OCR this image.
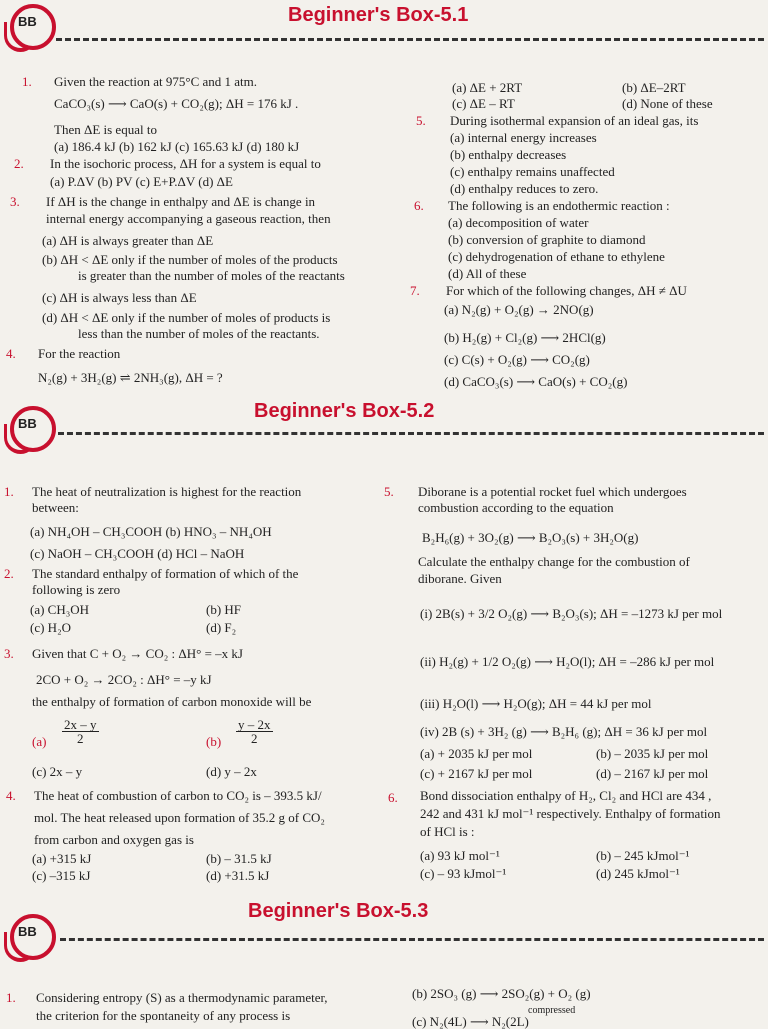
BB	Beginner's Box-5.1
1. Given the reaction at 975°C and 1 atm.
CaCO₃(s) ⟶ CaO(s) + CO₂(g); ΔH = 176 kJ .
Then ΔE is equal to
(a) 186.4 kJ (b) 162 kJ (c) 165.63 kJ (d) 180 kJ
2. In the isochoric process, ΔH for a system is equal to
(a) P.ΔV (b) PV (c) E+P.ΔV (d) ΔE
3. If ΔH is the change in enthalpy and ΔE is change in
internal energy accompanying a gaseous reaction, then
(a) ΔH is always greater than ΔE
(b) ΔH < ΔE only if the number of moles of the products
is greater than the number of moles of the reactants
(c) ΔH is always less than ΔE
(d) ΔH < ΔE only if the number of moles of products is
less than the number of moles of the reactants.
4. For the reaction
N₂(g) + 3H₂(g) ⇌ 2NH₃(g), ΔH = ?
(a) ΔE + 2RT	(b) ΔE–2RT
(c) ΔE – RT	(d) None of these
5. During isothermal expansion of an ideal gas, its
(a) internal energy increases
(b) enthalpy decreases
(c) enthalpy remains unaffected
(d) enthalpy reduces to zero.
6. The following is an endothermic reaction :
(a) decomposition of water
(b) conversion of graphite to diamond
(c) dehydrogenation of ethane to ethylene
(d) All of these
7. For which of the following changes, ΔH ≠ ΔU
(a) N₂(g) + O₂(g) → 2NO(g)
(b) H₂(g) + Cl₂(g) ⟶ 2HCl(g)
(c) C(s) + O₂(g) ⟶ CO₂(g)
(d) CaCO₃(s) ⟶ CaO(s) + CO₂(g)
BB
Beginner's Box-5.2
1. The heat of neutralization is highest for the reaction
between:
(a) NH₄OH – CH₃COOH (b) HNO₃ – NH₄OH
(c) NaOH – CH₃COOH (d) HCl – NaOH
2. The standard enthalpy of formation of which of the
following is zero
(a) CH₃OH	(b) HF
(c) H₂O	(d) F₂
3. Given that C + O₂ → CO₂ : ΔH° = –x kJ
2CO + O₂ → 2CO₂ : ΔH° = –y kJ
the enthalpy of formation of carbon monoxide will be
$(a) \frac{2x - y}{2}$	$(b) \frac{y - 2x}{2}$
(c) 2x – y	(d) y – 2x
4. The heat of combustion of carbon to CO₂ is – 393.5 kJ/
mol. The heat released upon formation of 35.2 g of CO₂
from carbon and oxygen gas is
(a) +315 kJ	(b) – 31.5 kJ
(c) –315 kJ	(d) +31.5 kJ
5. Diborane is a potential rocket fuel which undergoes
combustion according to the equation
B₂H₆(g) + 3O₂(g) ⟶ B₂O₃(s) + 3H₂O(g)
Calculate the enthalpy change for the combustion of
diborane. Given
(i) 2B(s) + 3/2 O₂(g) ⟶ B₂O₃(s); ΔH = –1273 kJ per mol
(ii) H₂(g) + 1/2 O₂(g) ⟶ H₂O(l); ΔH = –286 kJ per mol
(iii) H₂O(l) ⟶ H₂O(g); ΔH = 44 kJ per mol
(iv) 2B (s) + 3H₂ (g) ⟶ B₂H₆ (g); ΔH = 36 kJ per mol
(a) + 2035 kJ per mol	(b) – 2035 kJ per mol
(c) + 2167 kJ per mol	(d) – 2167 kJ per mol
6. Bond dissociation enthalpy of H₂, Cl₂ and HCl are 434 ,
242 and 431 kJ mol⁻¹ respectively. Enthalpy of formation
of HCl is :
(a) 93 kJ mol⁻¹	(b) – 245 kJmol⁻¹
(c) – 93 kJmol⁻¹	(d) 245 kJmol⁻¹
BB
Beginner's Box-5.3
1. Considering entropy (S) as a thermodynamic parameter,
the criterion for the spontaneity of any process is
(b) 2SO₃ (g) ⟶ 2SO₂(g) + O₂ (g)
compressed
(c) N₂(4L) ⟶ N₂(2L)
